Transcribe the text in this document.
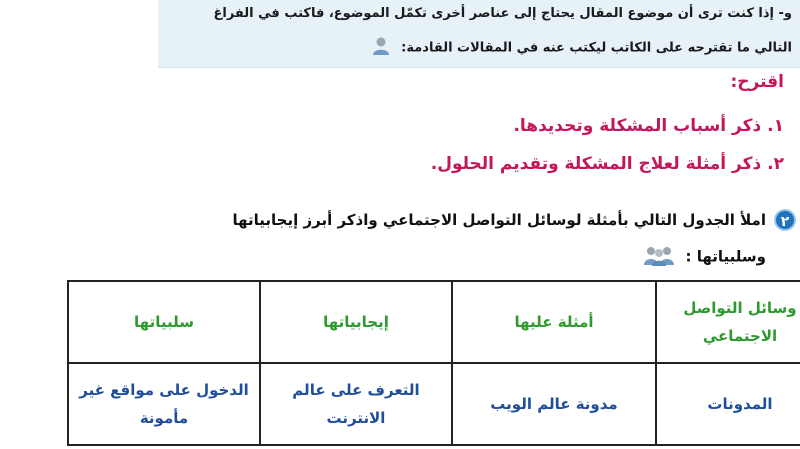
و- إذا كنت ترى أن موضوع المقال يحتاج إلى عناصر أخرى تكمّل الموضوع، فاكتب في الفراغ
التالي ما تقترحه على الكاتب ليكتب عنه في المقالات القادمة:
اقترح:
١. ذكر أسباب المشكلة وتحديدها.
٢. ذكر أمثلة لعلاج المشكلة وتقديم الحلول.
٢
املأ الجدول التالي بأمثلة لوسائل التواصل الاجتماعي واذكر أبرز إيجابياتها
وسلبياتها :
وسائل التواصل الاجتماعي	أمثلة عليها	إيجابياتها	سلبياتها
المدونات	مدونة عالم الويب	التعرف على عالم الانترنت	الدخول على مواقع غير مأمونة
